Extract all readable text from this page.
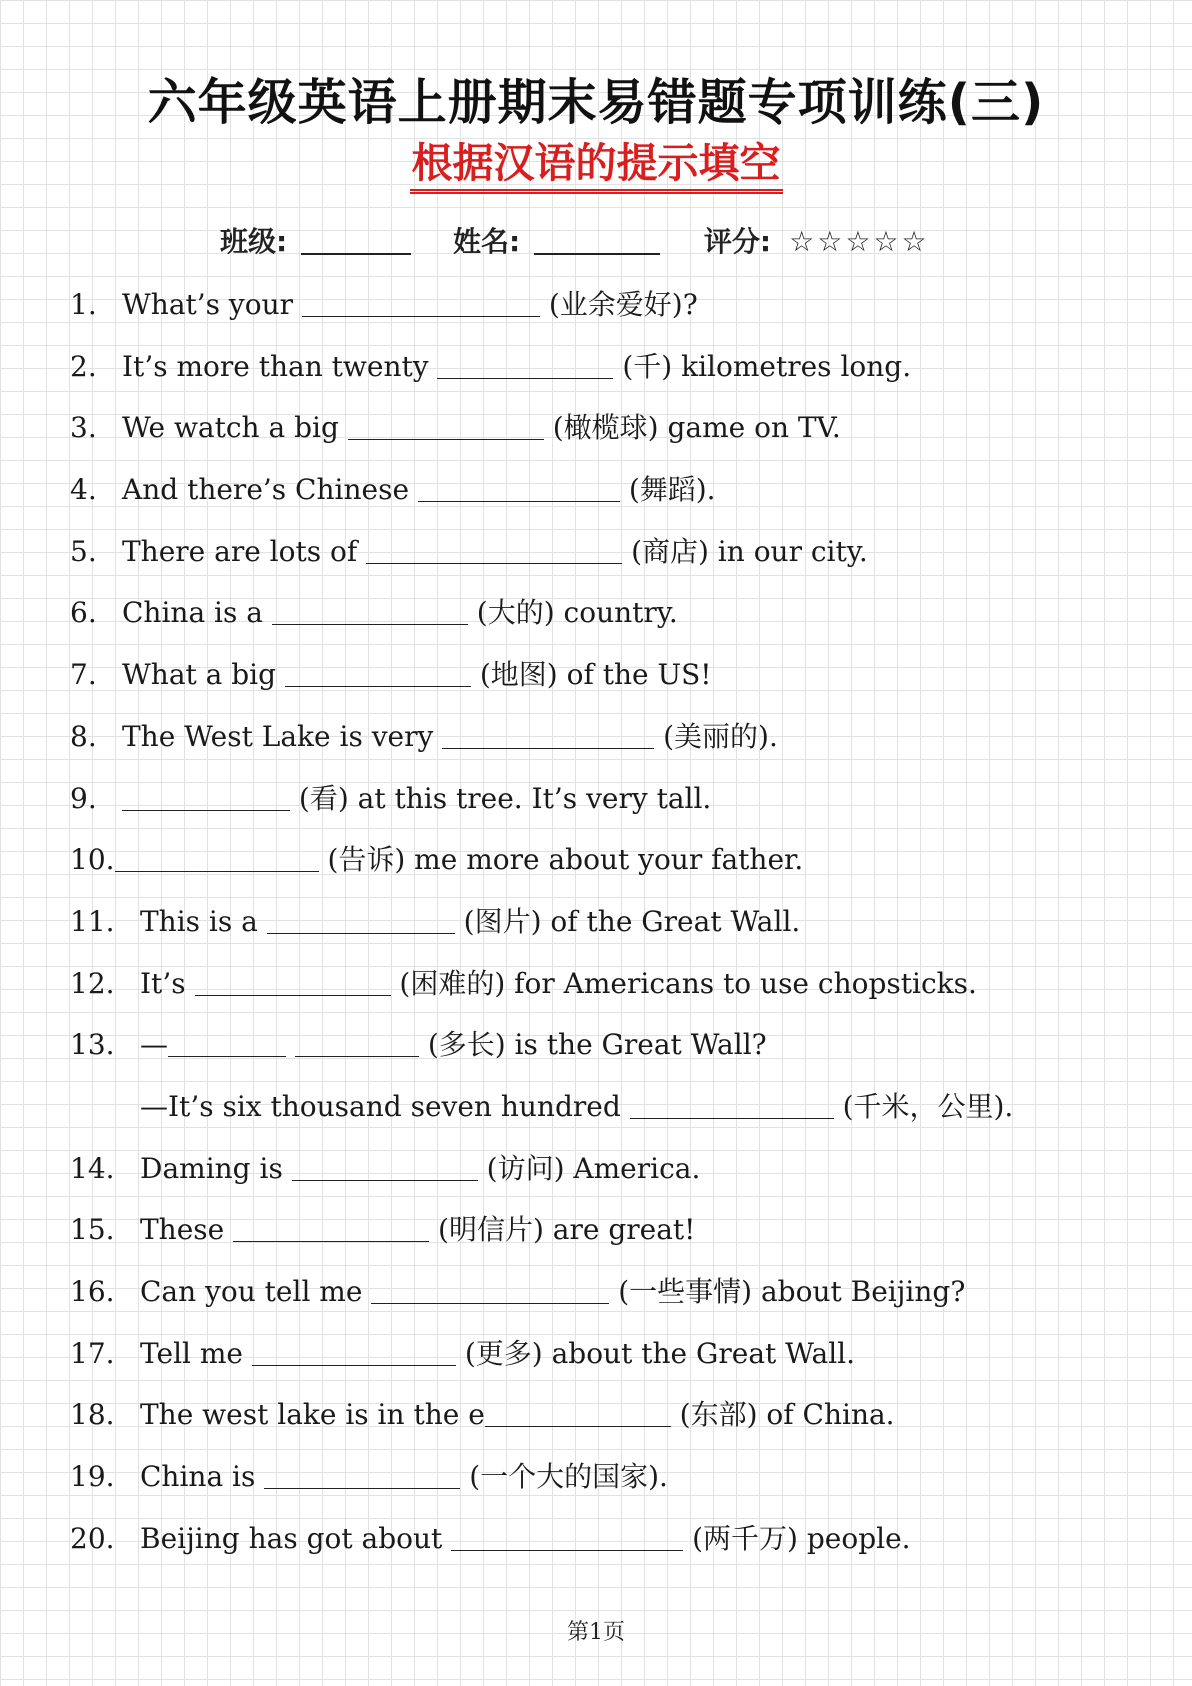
六年级英语上册期末易错题专项训练(三)
根据汉语的提示填空
班级:	姓名:	评分: ☆☆☆☆☆
1. What’s your	(业余爱好)?
2. It’s more than twenty	(千) kilometres long.
3. We watch a big	(橄榄球) game on TV.
4. And there’s Chinese	(舞蹈).
5. There are lots of	(商店) in our city.
6. China is a	(大的) country.
7. What a big	(地图) of the US!
8. The West Lake is very	(美丽的).
9.	(看) at this tree. It’s very tall.
10.	(告诉) me more about your father.
11. This is a	(图片) of the Great Wall.
12. It’s	(困难的) for Americans to use chopsticks.
13. —	(多长) is the Great Wall?
—It’s six thousand seven hundred	(千米，公里).
14. Daming is	(访问) America.
15. These	(明信片) are great!
16. Can you tell me	(一些事情) about Beijing?
17. Tell me	(更多) about the Great Wall.
18. The west lake is in the e	(东部) of China.
19. China is	(一个大的国家).
20. Beijing has got about	(两千万) people.
第1页
